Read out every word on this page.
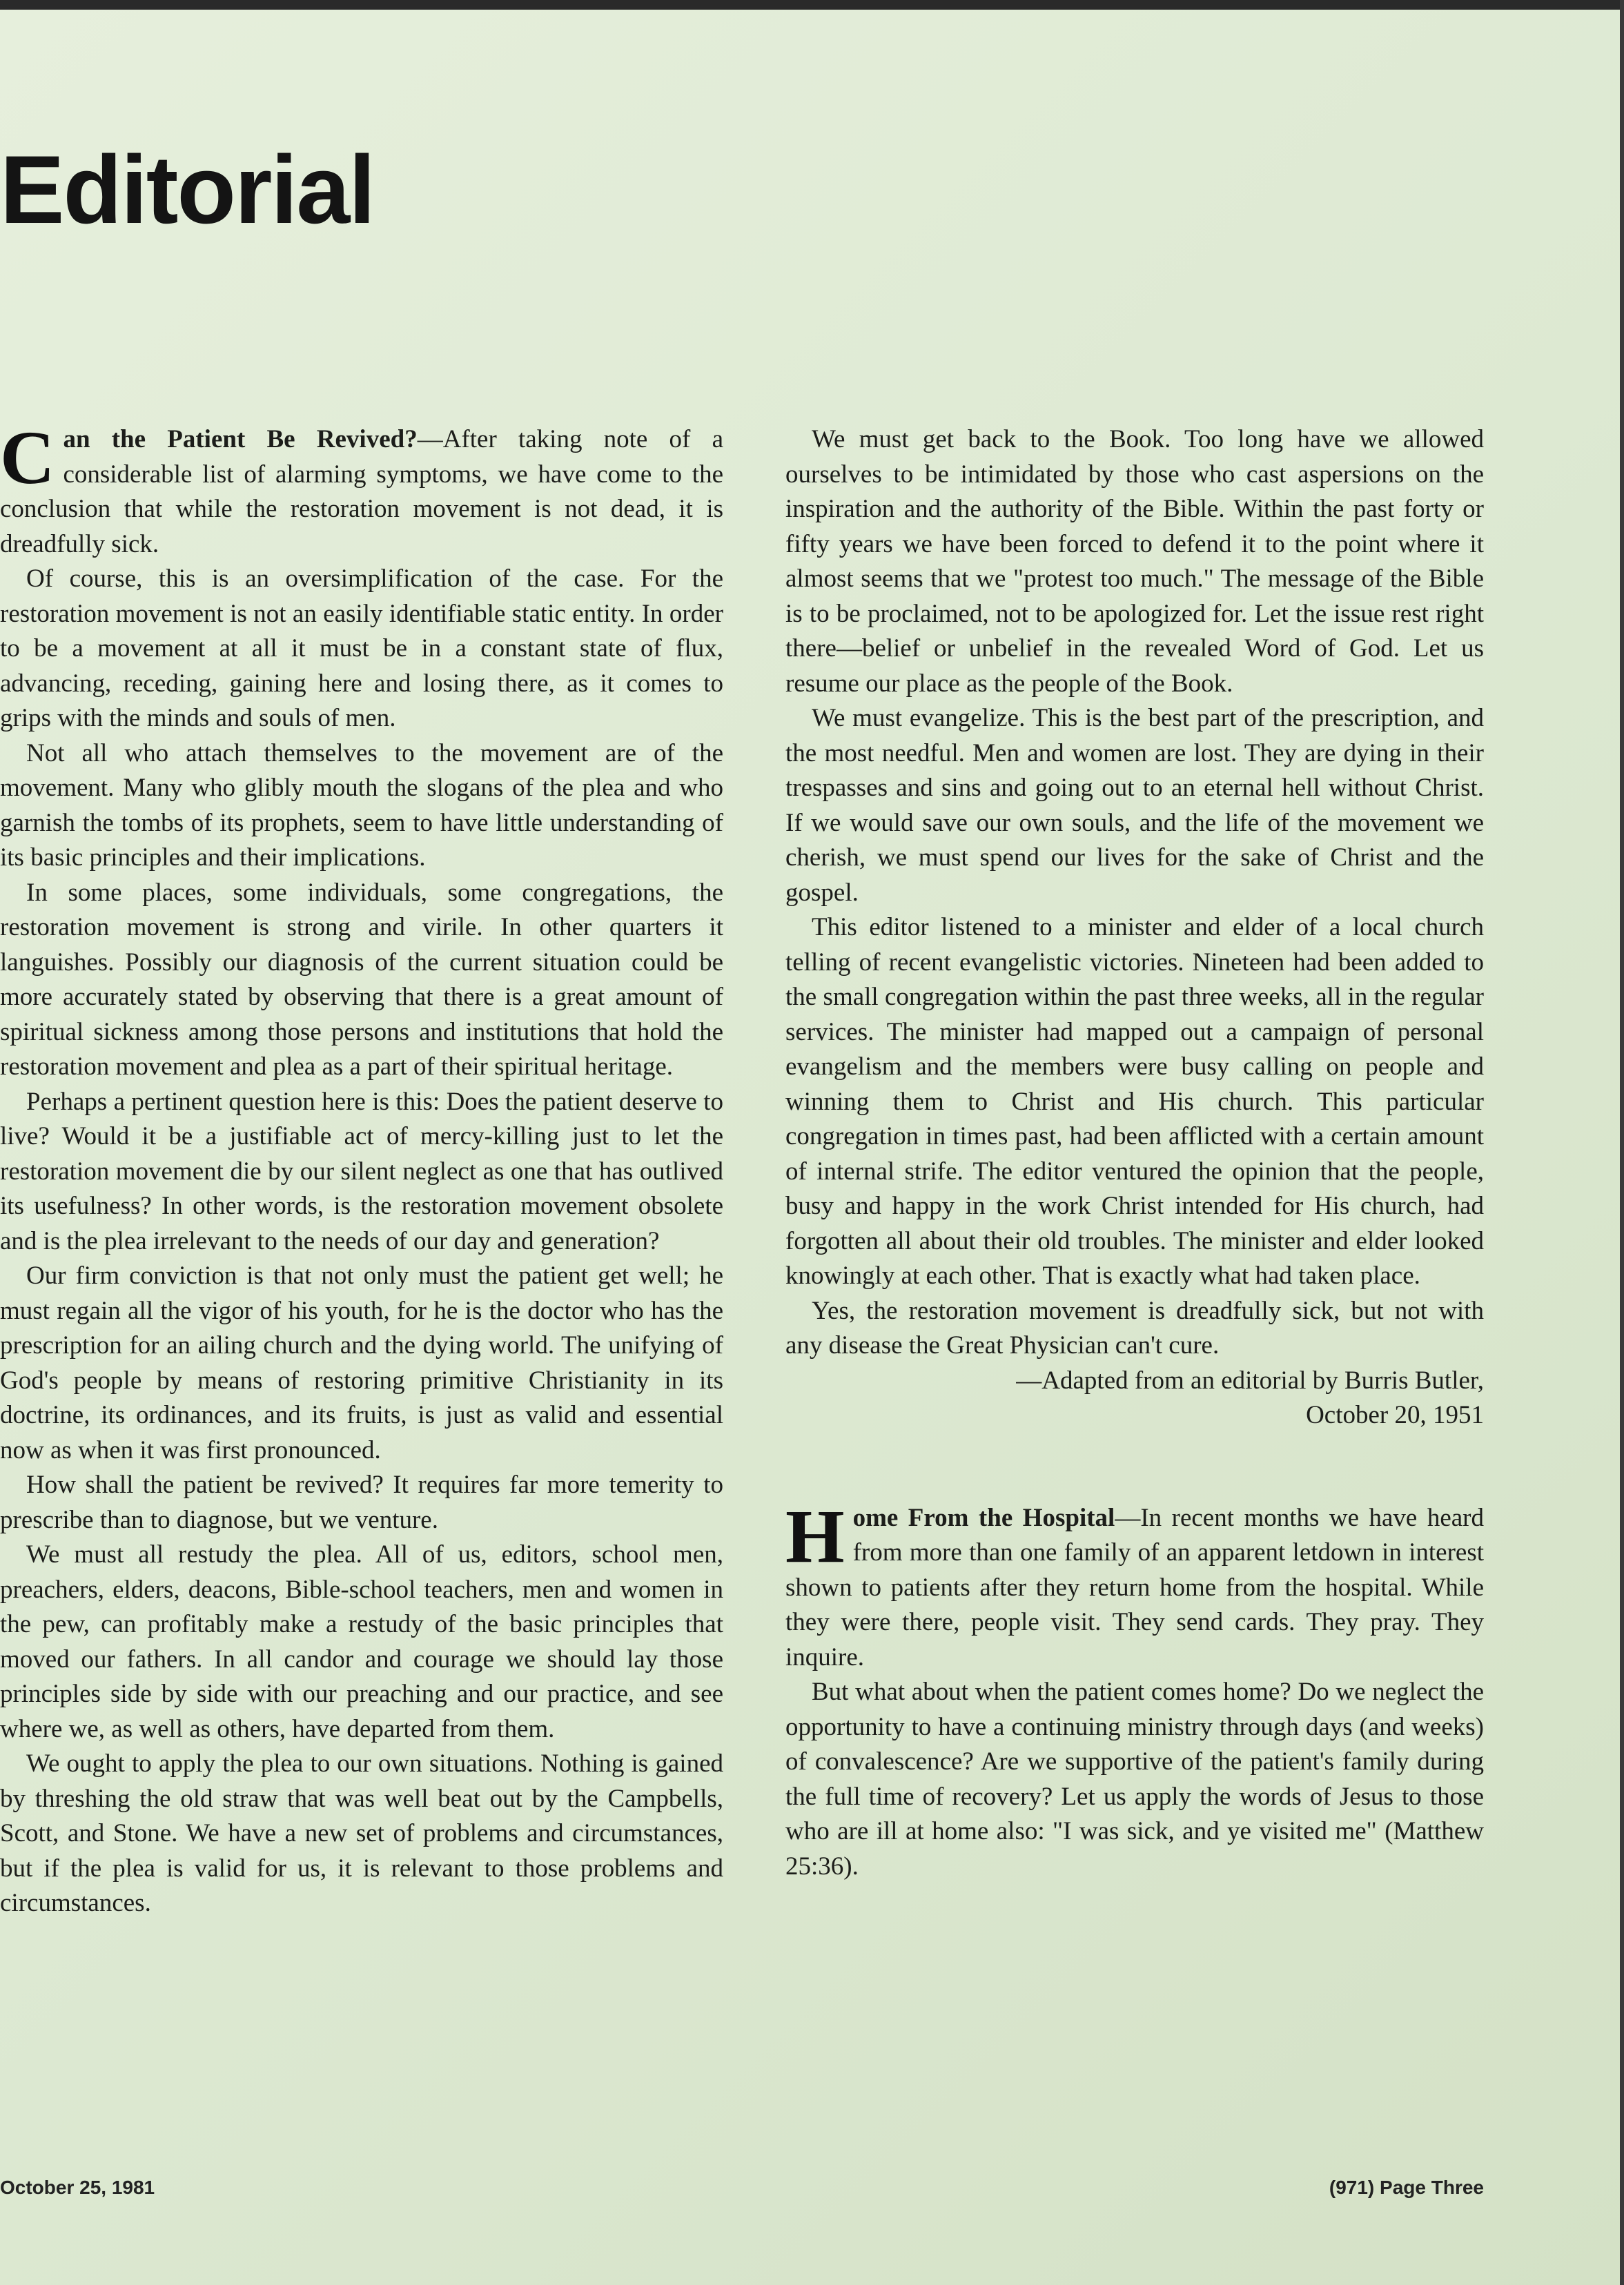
Editorial

Can the Patient Be Revived?—After taking note of a considerable list of alarming symptoms, we have come to the conclusion that while the restoration movement is not dead, it is dreadfully sick.

Of course, this is an oversimplification of the case. For the restoration movement is not an easily identifiable static entity. In order to be a movement at all it must be in a constant state of flux, advancing, receding, gaining here and losing there, as it comes to grips with the minds and souls of men.

Not all who attach themselves to the movement are of the movement. Many who glibly mouth the slogans of the plea and who garnish the tombs of its prophets, seem to have little understanding of its basic principles and their implications.

In some places, some individuals, some congregations, the restoration movement is strong and virile. In other quarters it languishes. Possibly our diagnosis of the current situation could be more accurately stated by observing that there is a great amount of spiritual sickness among those persons and institutions that hold the restoration movement and plea as a part of their spiritual heritage.

Perhaps a pertinent question here is this: Does the patient deserve to live? Would it be a justifiable act of mercy-killing just to let the restoration movement die by our silent neglect as one that has outlived its usefulness? In other words, is the restoration movement obsolete and is the plea irrelevant to the needs of our day and generation?

Our firm conviction is that not only must the patient get well; he must regain all the vigor of his youth, for he is the doctor who has the prescription for an ailing church and the dying world. The unifying of God's people by means of restoring primitive Christianity in its doctrine, its ordinances, and its fruits, is just as valid and essential now as when it was first pronounced.

How shall the patient be revived? It requires far more temerity to prescribe than to diagnose, but we venture.

We must all restudy the plea. All of us, editors, school men, preachers, elders, deacons, Bible-school teachers, men and women in the pew, can profitably make a restudy of the basic principles that moved our fathers. In all candor and courage we should lay those principles side by side with our preaching and our practice, and see where we, as well as others, have departed from them.

We ought to apply the plea to our own situations. Nothing is gained by threshing the old straw that was well beat out by the Campbells, Scott, and Stone. We have a new set of problems and circumstances, but if the plea is valid for us, it is relevant to those problems and circumstances.

We must get back to the Book. Too long have we allowed ourselves to be intimidated by those who cast aspersions on the inspiration and the authority of the Bible. Within the past forty or fifty years we have been forced to defend it to the point where it almost seems that we "protest too much." The message of the Bible is to be proclaimed, not to be apologized for. Let the issue rest right there—belief or unbelief in the revealed Word of God. Let us resume our place as the people of the Book.

We must evangelize. This is the best part of the prescription, and the most needful. Men and women are lost. They are dying in their trespasses and sins and going out to an eternal hell without Christ. If we would save our own souls, and the life of the movement we cherish, we must spend our lives for the sake of Christ and the gospel.

This editor listened to a minister and elder of a local church telling of recent evangelistic victories. Nineteen had been added to the small congregation within the past three weeks, all in the regular services. The minister had mapped out a campaign of personal evangelism and the members were busy calling on people and winning them to Christ and His church. This particular congregation in times past, had been afflicted with a certain amount of internal strife. The editor ventured the opinion that the people, busy and happy in the work Christ intended for His church, had forgotten all about their old troubles. The minister and elder looked knowingly at each other. That is exactly what had taken place.

Yes, the restoration movement is dreadfully sick, but not with any disease the Great Physician can't cure.

—Adapted from an editorial by Burris Butler,

October 20, 1951

Home From the Hospital—In recent months we have heard from more than one family of an apparent letdown in interest shown to patients after they return home from the hospital. While they were there, people visit. They send cards. They pray. They inquire.

But what about when the patient comes home? Do we neglect the opportunity to have a continuing ministry through days (and weeks) of convalescence? Are we supportive of the patient's family during the full time of recovery? Let us apply the words of Jesus to those who are ill at home also: "I was sick, and ye visited me" (Matthew 25:36).

October 25, 1981	(971) Page Three
